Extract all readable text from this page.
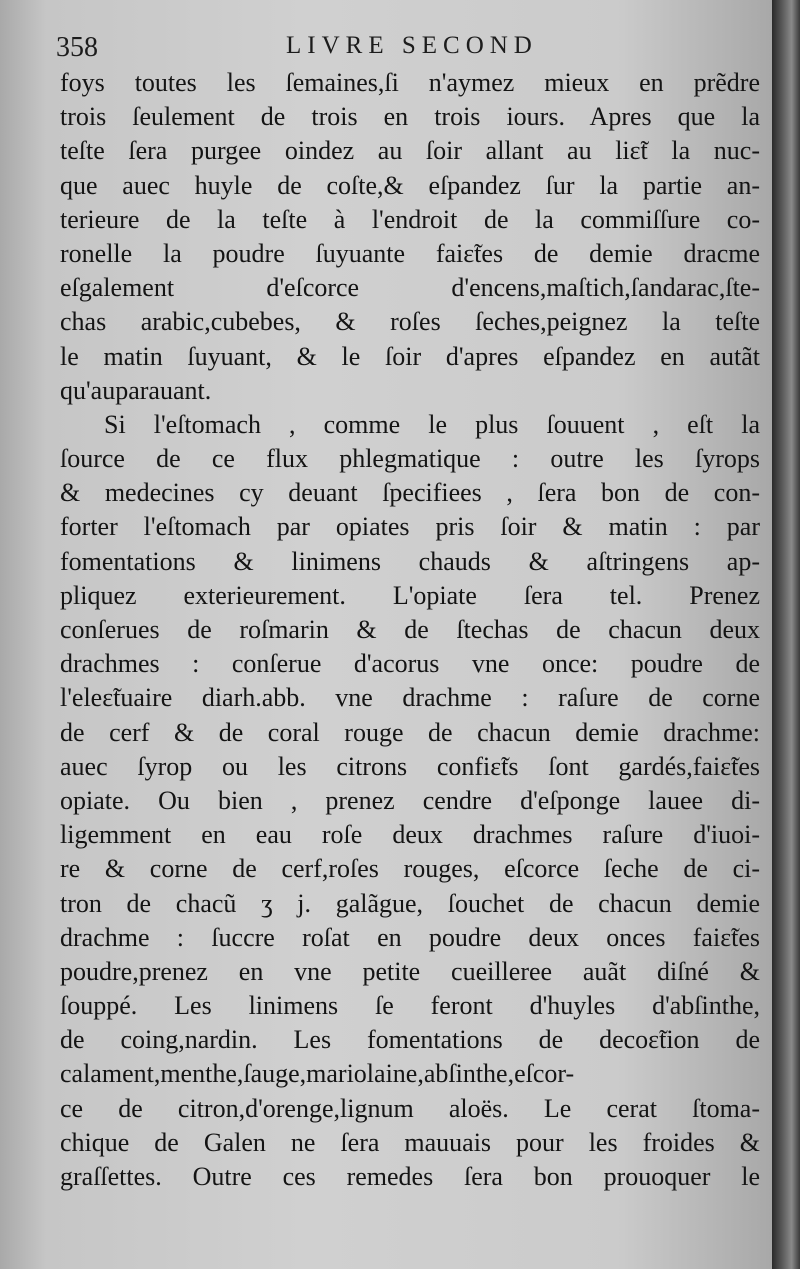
358	LIVRE SECOND
foys toutes les ſemaines,ſi n'aymez mieux en prẽdre
trois ſeulement de trois en trois iours. Apres que la
teſte ſera purgee oindez au ſoir allant au liɛ̃t la nuc-
que auec huyle de coſte,& eſpandez ſur la partie an-
terieure de la teſte à l'endroit de la commiſſure co-
ronelle la poudre ſuyuante faiɛ̃tes de demie dracme
eſgalement d'eſcorce d'encens,maſtich,ſandarac,ſte-
chas arabic,cubebes, & roſes ſeches,peignez la teſte
le matin ſuyuant, & le ſoir d'apres eſpandez en autãt
qu'auparauant.
Si l'eſtomach , comme le plus ſouuent , eſt la
ſource de ce flux phlegmatique : outre les ſyrops
& medecines cy deuant ſpecifiees , ſera bon de con-
forter l'eſtomach par opiates pris ſoir & matin : par
fomentations & linimens chauds & aſtringens ap-
pliquez exterieurement. L'opiate ſera tel. Prenez
conſerues de roſmarin & de ſtechas de chacun deux
drachmes : conſerue d'acorus vne once: poudre de
l'eleɛ̃tuaire diarh.abb. vne drachme : raſure de corne
de cerf & de coral rouge de chacun demie drachme:
auec ſyrop ou les citrons confiɛ̃ts ſont gardés,faiɛ̃tes
opiate. Ou bien , prenez cendre d'eſponge lauee di-
ligemment en eau roſe deux drachmes raſure d'iuoi-
re & corne de cerf,roſes rouges, eſcorce ſeche de ci-
tron de chacũ ʒ j. galãgue, ſouchet de chacun demie
drachme : ſuccre roſat en poudre deux onces faiɛ̃tes
poudre,prenez en vne petite cueilleree auãt diſné &
ſouppé. Les linimens ſe feront d'huyles d'abſinthe,
de coing,nardin. Les fomentations de decoɛ̃tion de
calament,menthe,ſauge,mariolaine,abſinthe,eſcor-
ce de citron,d'orenge,lignum aloës. Le cerat ſtoma-
chique de Galen ne ſera mauuais pour les froides &
graſſettes. Outre ces remedes ſera bon prouoquer le
